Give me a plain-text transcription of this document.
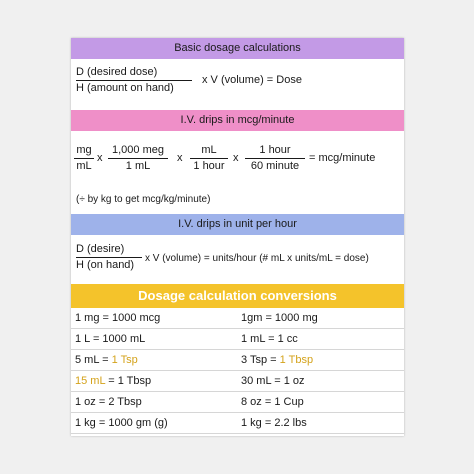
Basic dosage calculations
D (desired dose)
H (amount on hand)
x V (volume) = Dose
I.V. drips in mcg/minute
mg
mL
x
1,000 meg
1 mL
x
mL
1 hour
x
1 hour
60 minute
= mcg/minute
(÷ by kg to get mcg/kg/minute)
I.V. drips in unit per hour
D (desire)
H (on hand)
x V (volume) = units/hour (# mL x units/mL = dose)
Dosage calculation conversions
1 mg = 1000 mcg	1gm = 1000 mg
1 L = 1000 mL	1 mL = 1 cc
5 mL = 1 Tsp	3 Tsp = 1 Tbsp
15 mL = 1 Tbsp	30 mL = 1 oz
1 oz = 2 Tbsp	8 oz = 1 Cup
1 kg = 1000 gm (g)	1 kg = 2.2 lbs
